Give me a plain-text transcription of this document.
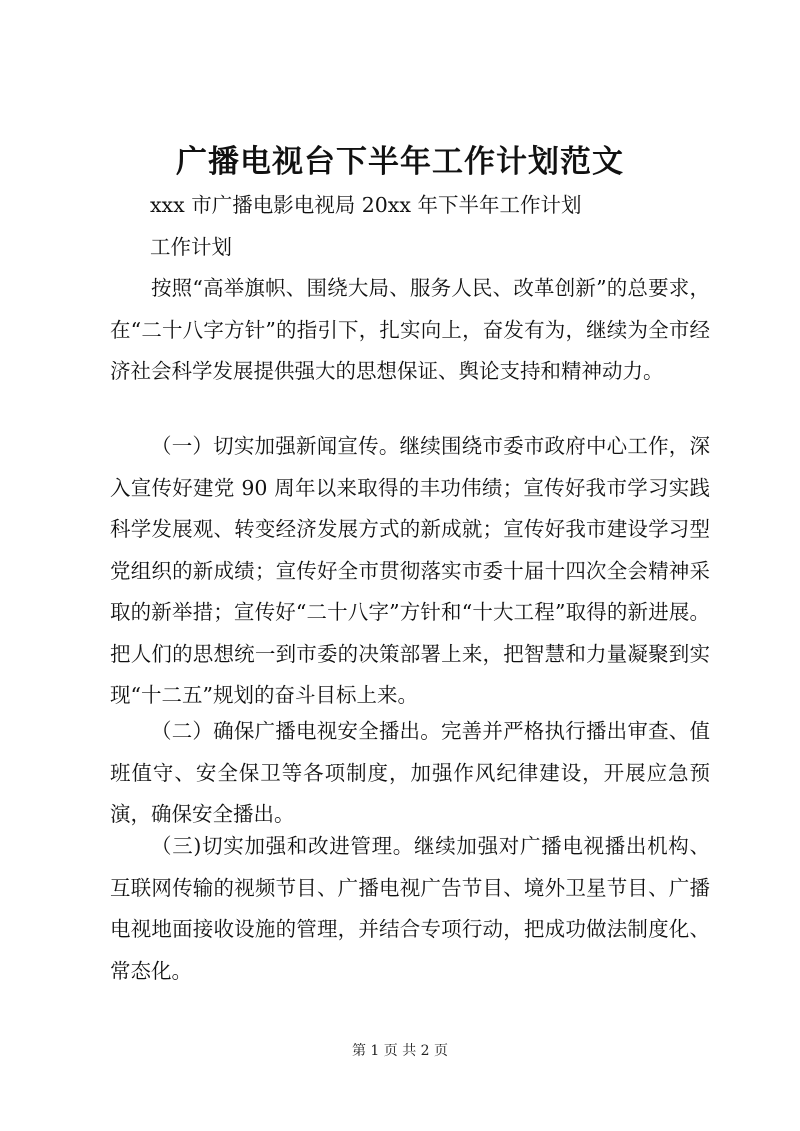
广播电视台下半年工作计划范文
xxx 市广播电影电视局 20xx 年下半年工作计划
工作计划
按照“高举旗帜、围绕大局、服务人民、改革创新”的总要求，在“二十八字方针”的指引下，扎实向上，奋发有为，继续为全市经济社会科学发展提供强大的思想保证、舆论支持和精神动力。
（一）切实加强新闻宣传。继续围绕市委市政府中心工作，深入宣传好建党 90 周年以来取得的丰功伟绩；宣传好我市学习实践科学发展观、转变经济发展方式的新成就；宣传好我市建设学习型党组织的新成绩；宣传好全市贯彻落实市委十届十四次全会精神采取的新举措；宣传好“二十八字”方针和“十大工程”取得的新进展。把人们的思想统一到市委的决策部署上来，把智慧和力量凝聚到实现“十二五”规划的奋斗目标上来。
（二）确保广播电视安全播出。完善并严格执行播出审查、值班值守、安全保卫等各项制度，加强作风纪律建设，开展应急预演，确保安全播出。
（三)切实加强和改进管理。继续加强对广播电视播出机构、互联网传输的视频节目、广播电视广告节目、境外卫星节目、广播电视地面接收设施的管理，并结合专项行动，把成功做法制度化、常态化。
第 1 页 共 2 页
